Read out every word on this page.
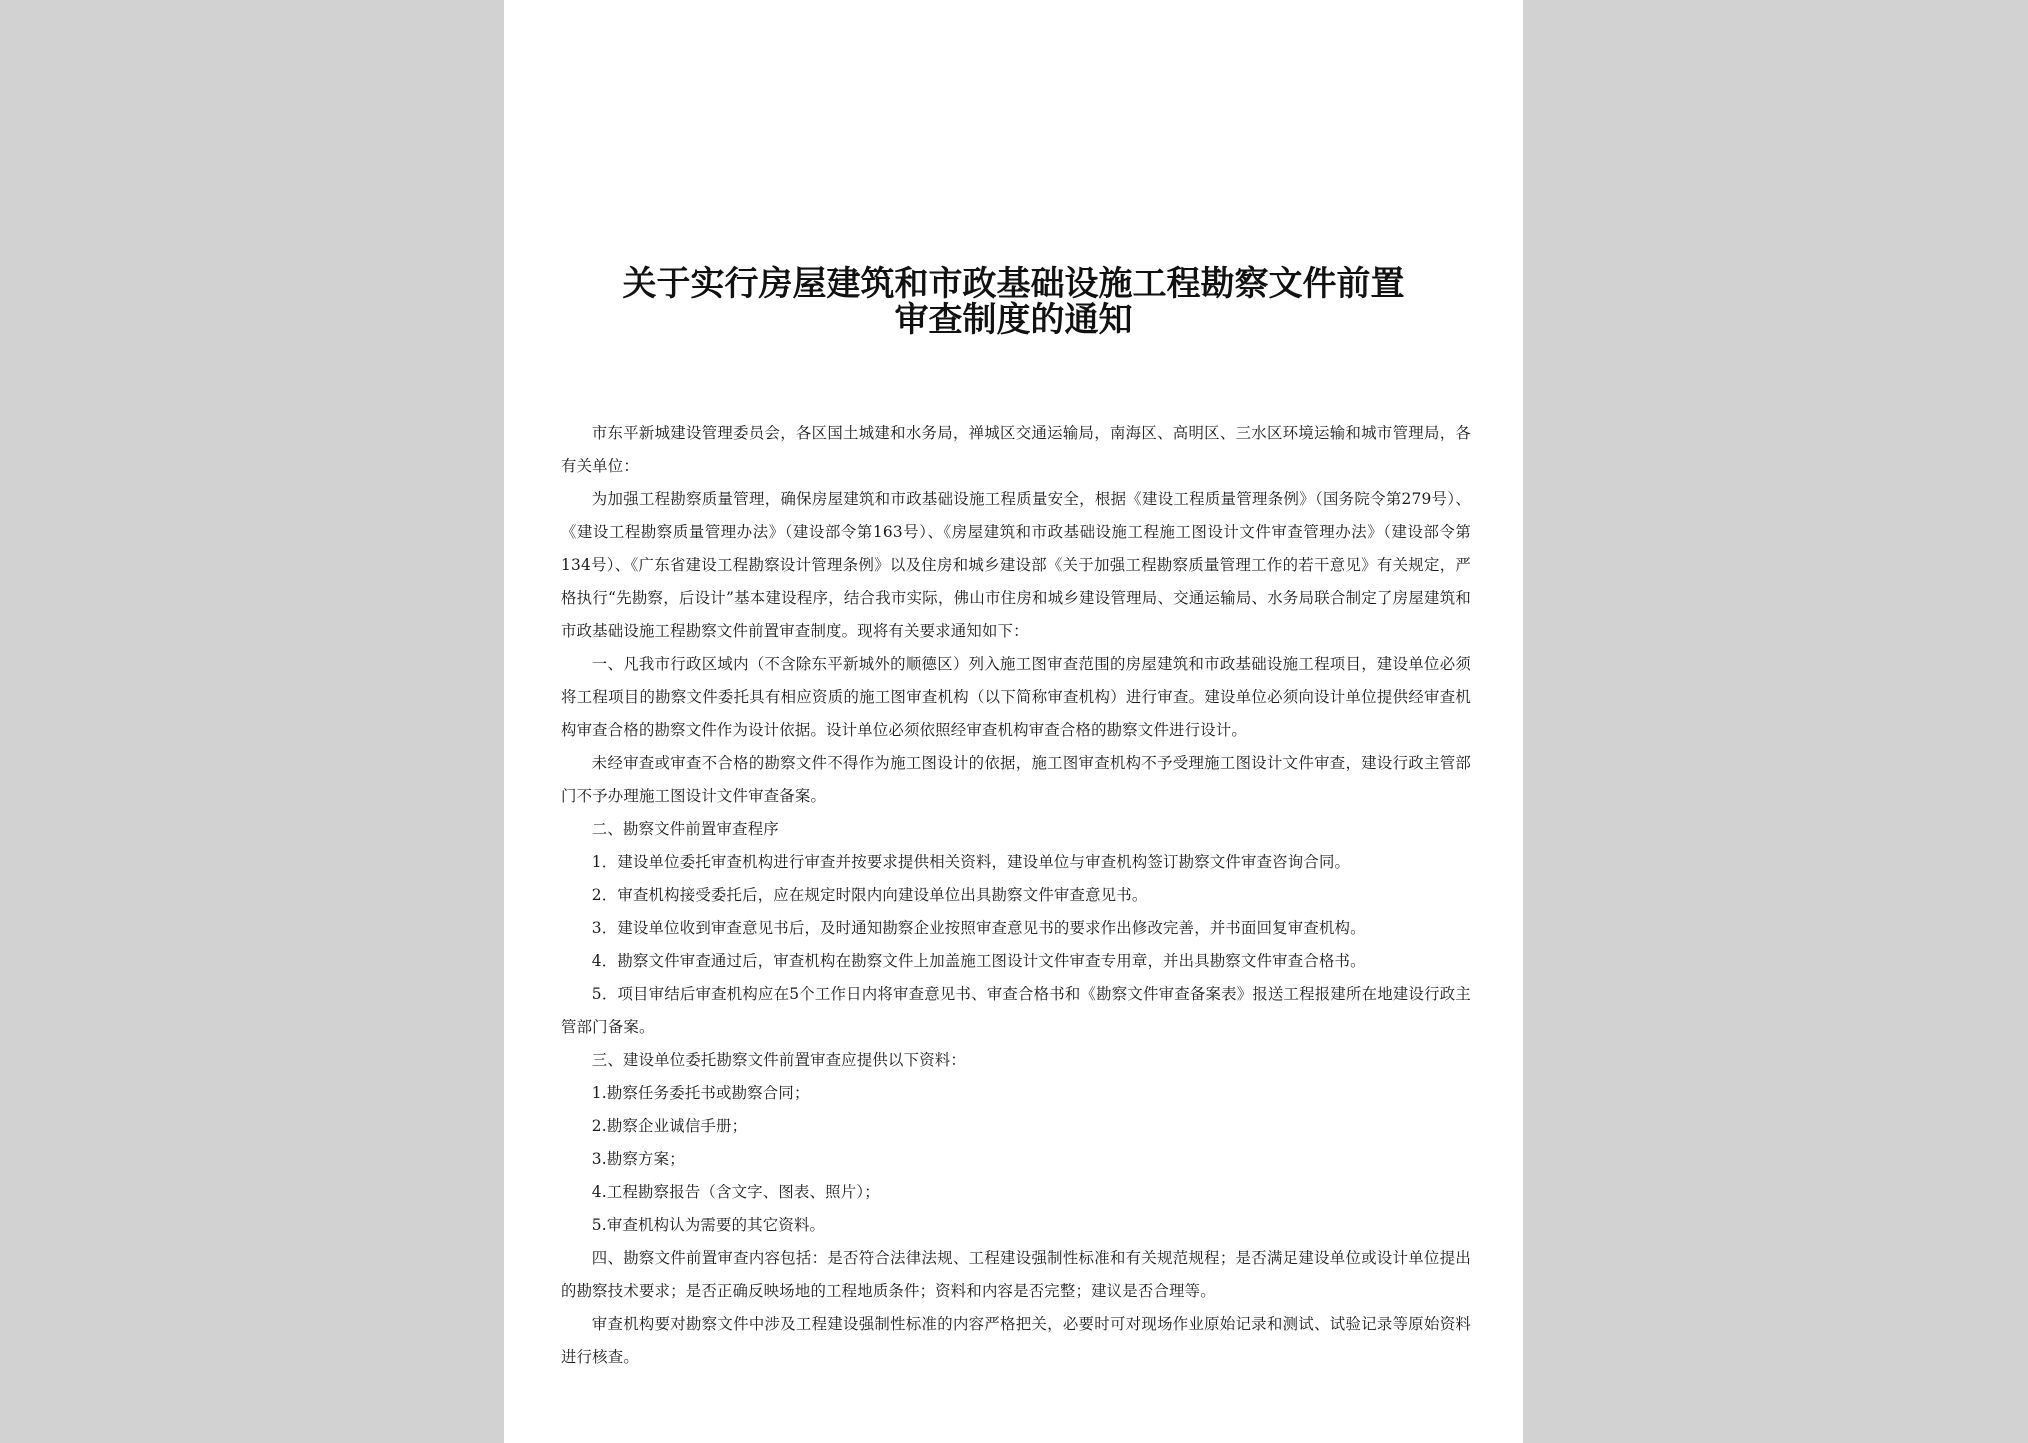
关于实行房屋建筑和市政基础设施工程勘察文件前置
审查制度的通知

市东平新城建设管理委员会，各区国土城建和水务局，禅城区交通运输局，南海区、高明区、三水区环境运输和城市管理局，各有关单位：

为加强工程勘察质量管理，确保房屋建筑和市政基础设施工程质量安全，根据《建设工程质量管理条例》（国务院令第279号）、《建设工程勘察质量管理办法》（建设部令第163号）、《房屋建筑和市政基础设施工程施工图设计文件审查管理办法》（建设部令第134号）、《广东省建设工程勘察设计管理条例》以及住房和城乡建设部《关于加强工程勘察质量管理工作的若干意见》有关规定，严格执行“先勘察，后设计”基本建设程序，结合我市实际，佛山市住房和城乡建设管理局、交通运输局、水务局联合制定了房屋建筑和市政基础设施工程勘察文件前置审查制度。现将有关要求通知如下：

一、凡我市行政区域内（不含除东平新城外的顺德区）列入施工图审查范围的房屋建筑和市政基础设施工程项目，建设单位必须将工程项目的勘察文件委托具有相应资质的施工图审查机构（以下简称审查机构）进行审查。建设单位必须向设计单位提供经审查机构审查合格的勘察文件作为设计依据。设计单位必须依照经审查机构审查合格的勘察文件进行设计。

未经审查或审查不合格的勘察文件不得作为施工图设计的依据，施工图审查机构不予受理施工图设计文件审查，建设行政主管部门不予办理施工图设计文件审查备案。

二、勘察文件前置审查程序

1．建设单位委托审查机构进行审查并按要求提供相关资料，建设单位与审查机构签订勘察文件审查咨询合同。

2．审查机构接受委托后，应在规定时限内向建设单位出具勘察文件审查意见书。

3．建设单位收到审查意见书后，及时通知勘察企业按照审查意见书的要求作出修改完善，并书面回复审查机构。

4．勘察文件审查通过后，审查机构在勘察文件上加盖施工图设计文件审查专用章，并出具勘察文件审查合格书。

5．项目审结后审查机构应在5个工作日内将审查意见书、审查合格书和《勘察文件审查备案表》报送工程报建所在地建设行政主管部门备案。

三、建设单位委托勘察文件前置审查应提供以下资料：

1.勘察任务委托书或勘察合同；

2.勘察企业诚信手册；

3.勘察方案；

4.工程勘察报告（含文字、图表、照片）；

5.审查机构认为需要的其它资料。

四、勘察文件前置审查内容包括：是否符合法律法规、工程建设强制性标准和有关规范规程；是否满足建设单位或设计单位提出的勘察技术要求；是否正确反映场地的工程地质条件；资料和内容是否完整；建议是否合理等。

审查机构要对勘察文件中涉及工程建设强制性标准的内容严格把关，必要时可对现场作业原始记录和测试、试验记录等原始资料进行核查。
